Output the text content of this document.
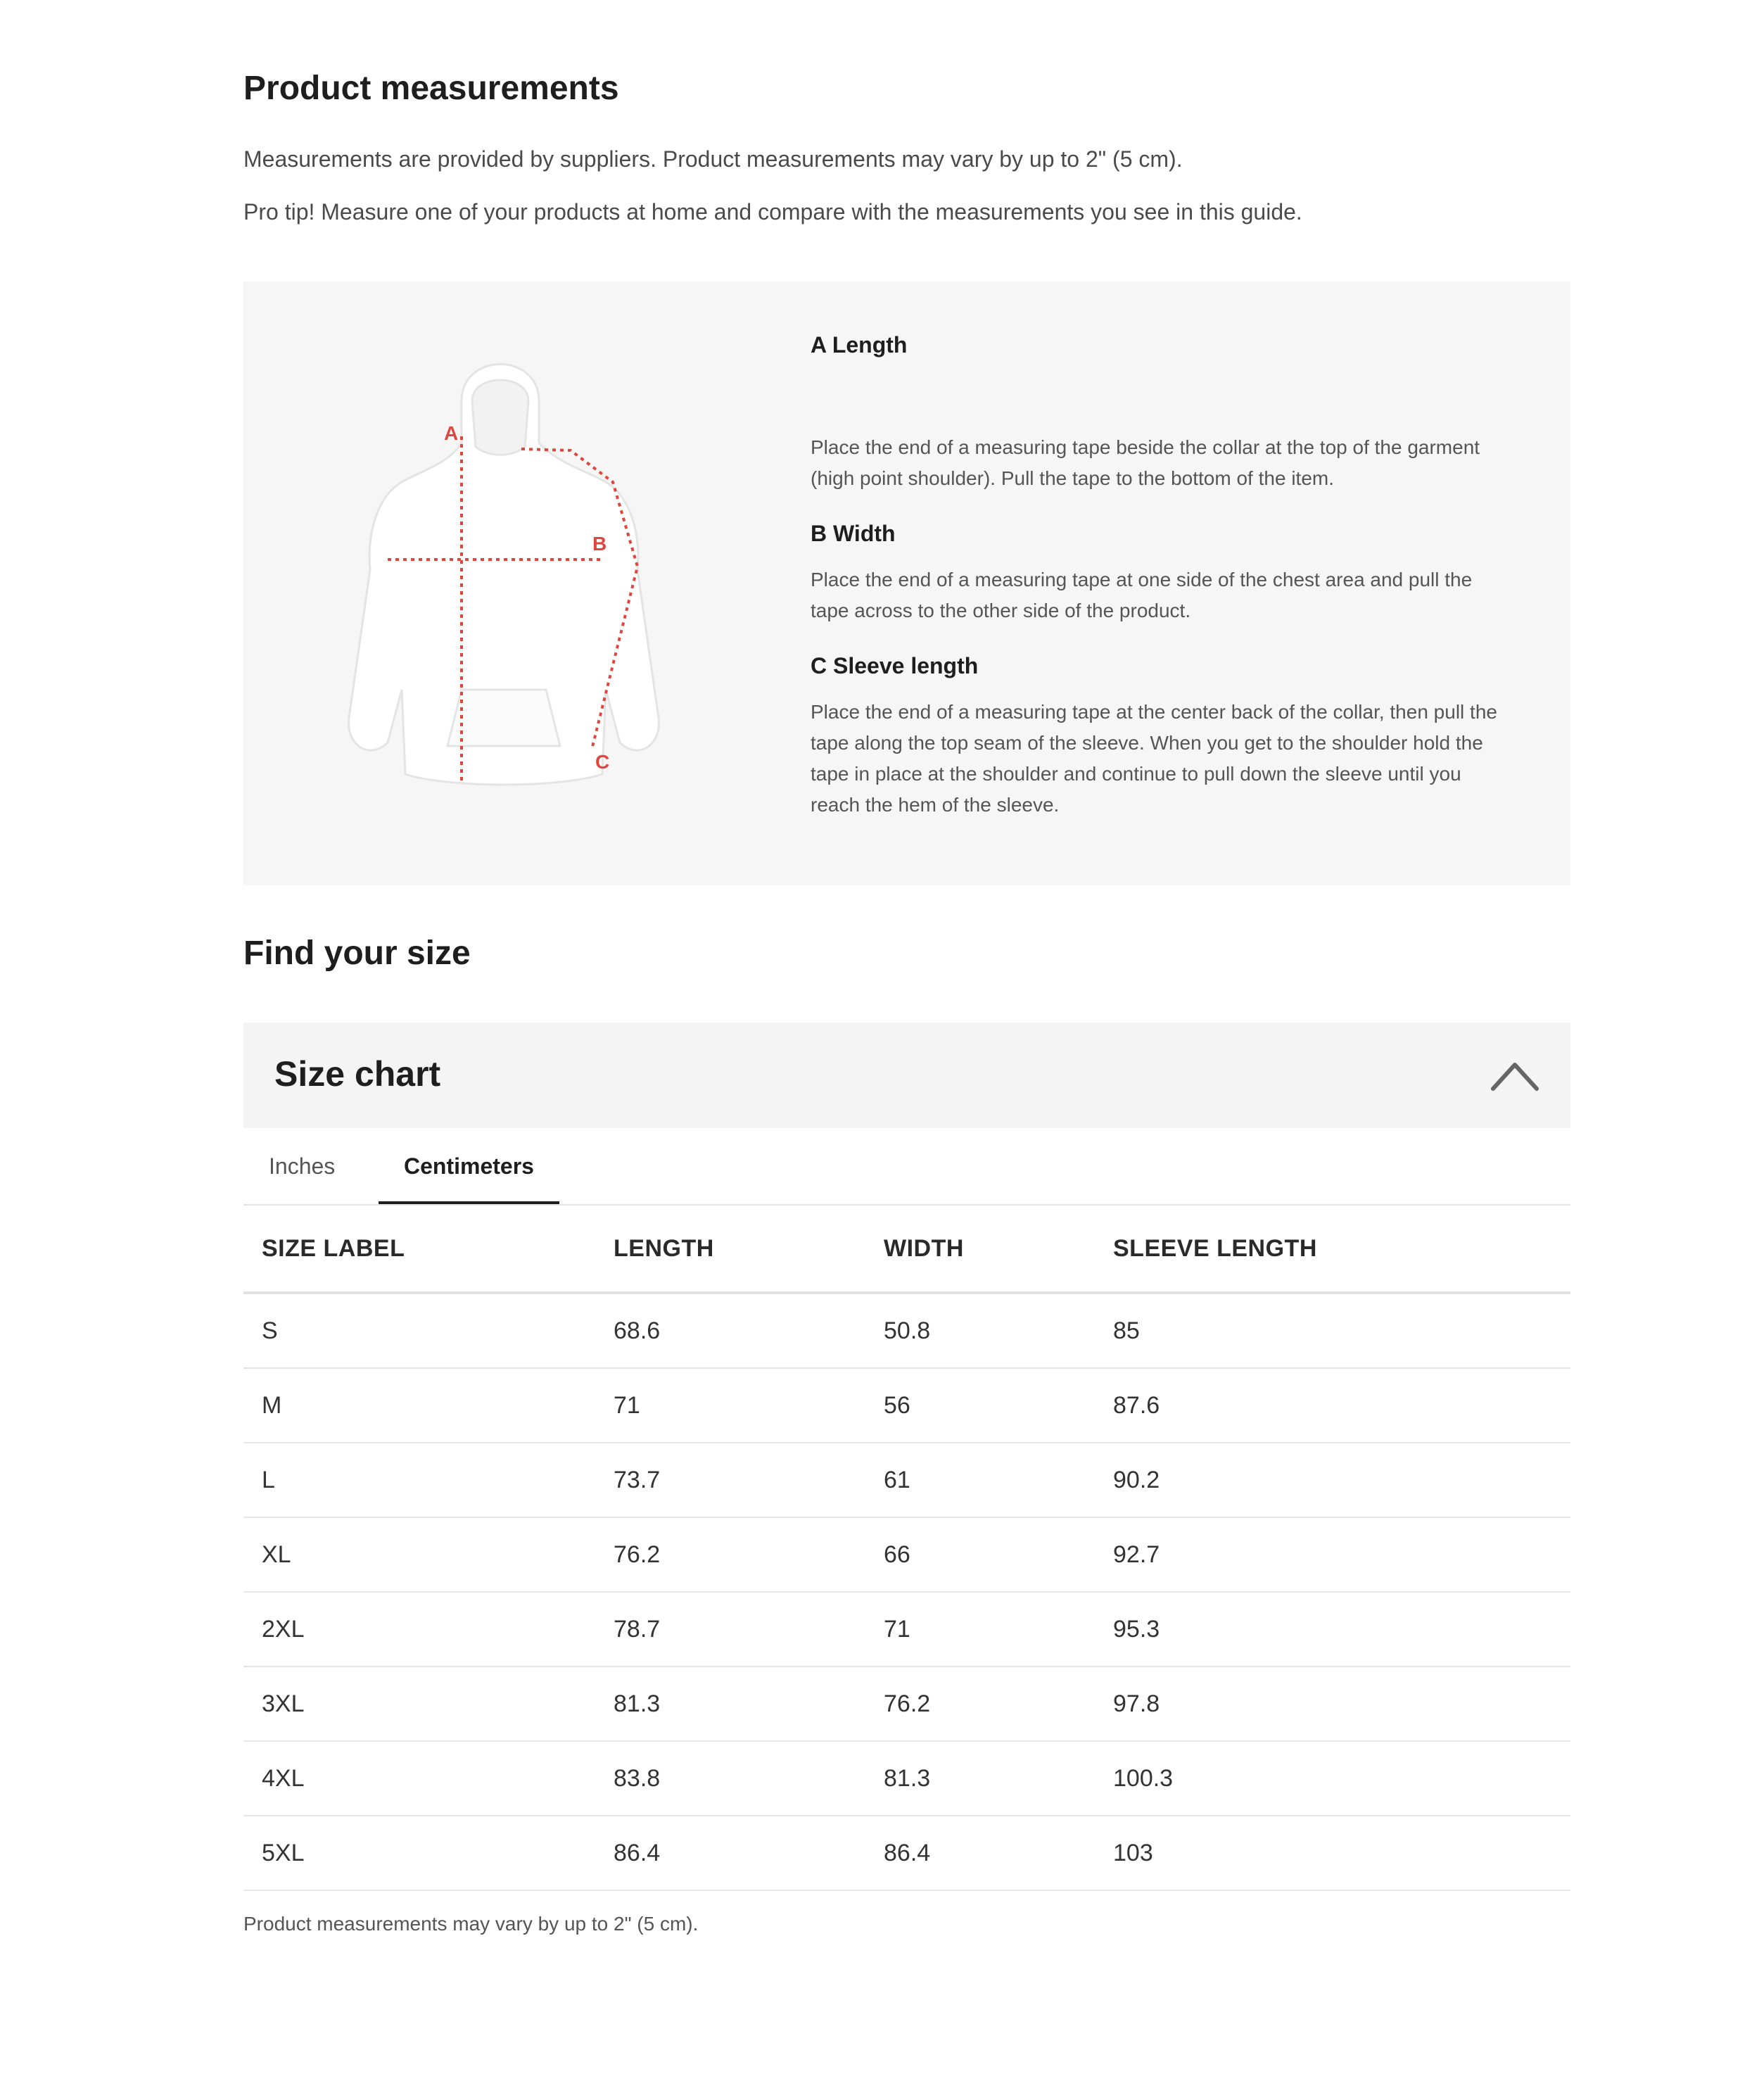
Product measurements

Measurements are provided by suppliers. Product measurements may vary by up to 2" (5 cm).

Pro tip! Measure one of your products at home and compare with the measurements you see in this guide.

A
B
C
A Length

Place the end of a measuring tape beside the collar at the top of the garment (high point shoulder). Pull the tape to the bottom of the item.

B Width

Place the end of a measuring tape at one side of the chest area and pull the tape across to the other side of the product.

C Sleeve length

Place the end of a measuring tape at the center back of the collar, then pull the tape along the top seam of the sleeve. When you get to the shoulder hold the tape in place at the shoulder and continue to pull down the sleeve until you reach the hem of the sleeve.

Find your size
Size chart
Inches	Centimeters
SIZE LABEL	LENGTH	WIDTH	SLEEVE LENGTH
S	68.6	50.8	85
M	71	56	87.6
L	73.7	61	90.2
XL	76.2	66	92.7
2XL	78.7	71	95.3
3XL	81.3	76.2	97.8
4XL	83.8	81.3	100.3
5XL	86.4	86.4	103

Product measurements may vary by up to 2" (5 cm).
